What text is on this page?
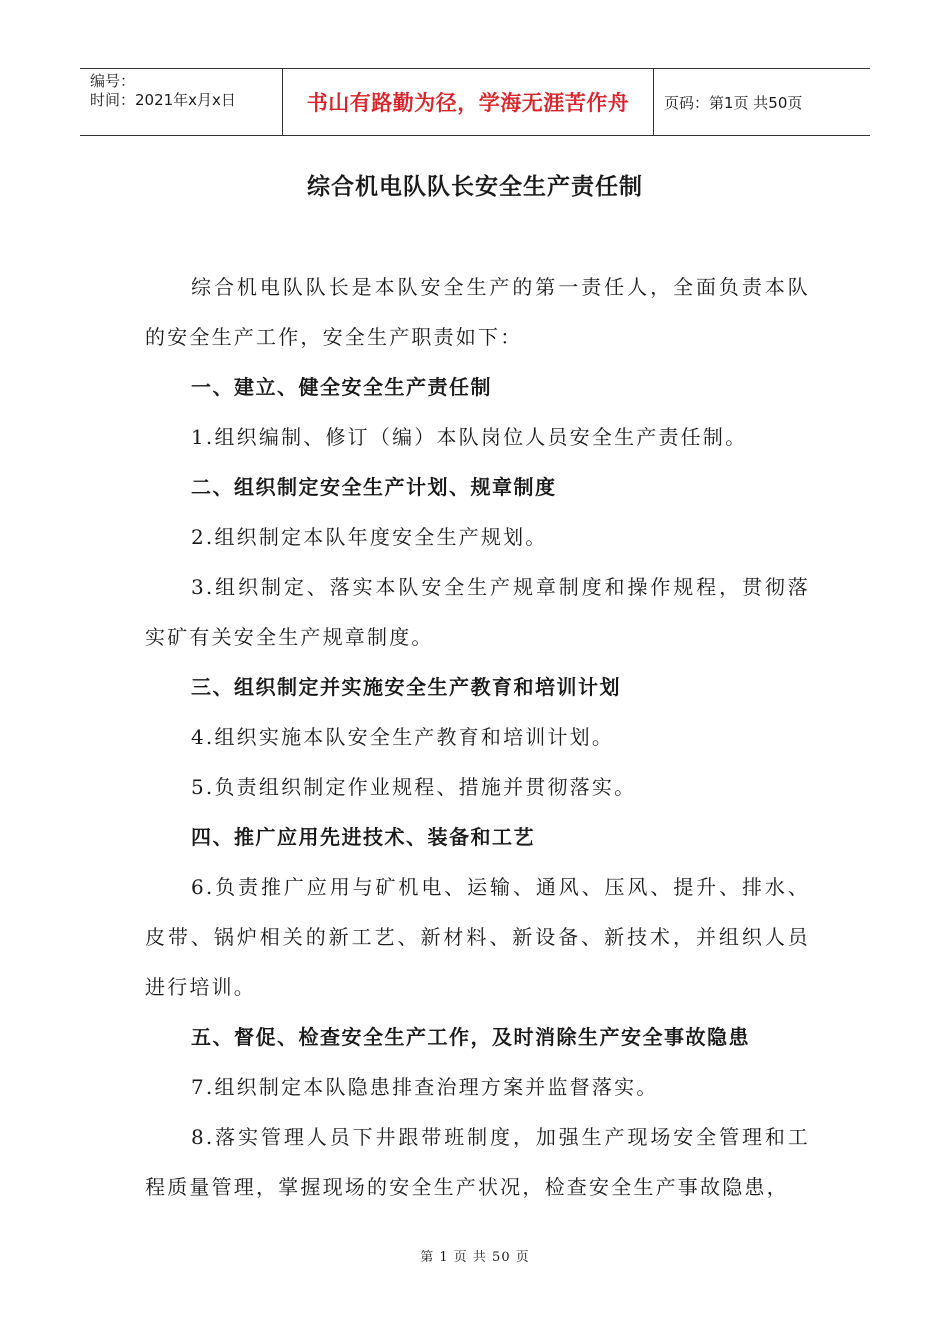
编号：
时间：2021年x月x日	书山有路勤为径，学海无涯苦作舟	页码：第1页 共50页
综合机电队队长安全生产责任制

综合机电队队长是本队安全生产的第一责任人，全面负责本队的安全生产工作，安全生产职责如下：

一、建立、健全安全生产责任制

1.组织编制、修订（编）本队岗位人员安全生产责任制。

二、组织制定安全生产计划、规章制度

2.组织制定本队年度安全生产规划。

3.组织制定、落实本队安全生产规章制度和操作规程，贯彻落实矿有关安全生产规章制度。

三、组织制定并实施安全生产教育和培训计划

4.组织实施本队安全生产教育和培训计划。

5.负责组织制定作业规程、措施并贯彻落实。

四、推广应用先进技术、装备和工艺

6.负责推广应用与矿机电、运输、通风、压风、提升、排水、皮带、锅炉相关的新工艺、新材料、新设备、新技术，并组织人员进行培训。

五、督促、检查安全生产工作，及时消除生产安全事故隐患

7.组织制定本队隐患排查治理方案并监督落实。

8.落实管理人员下井跟带班制度，加强生产现场安全管理和工程质量管理，掌握现场的安全生产状况，检查安全生产事故隐患，

第 1 页 共 50 页
